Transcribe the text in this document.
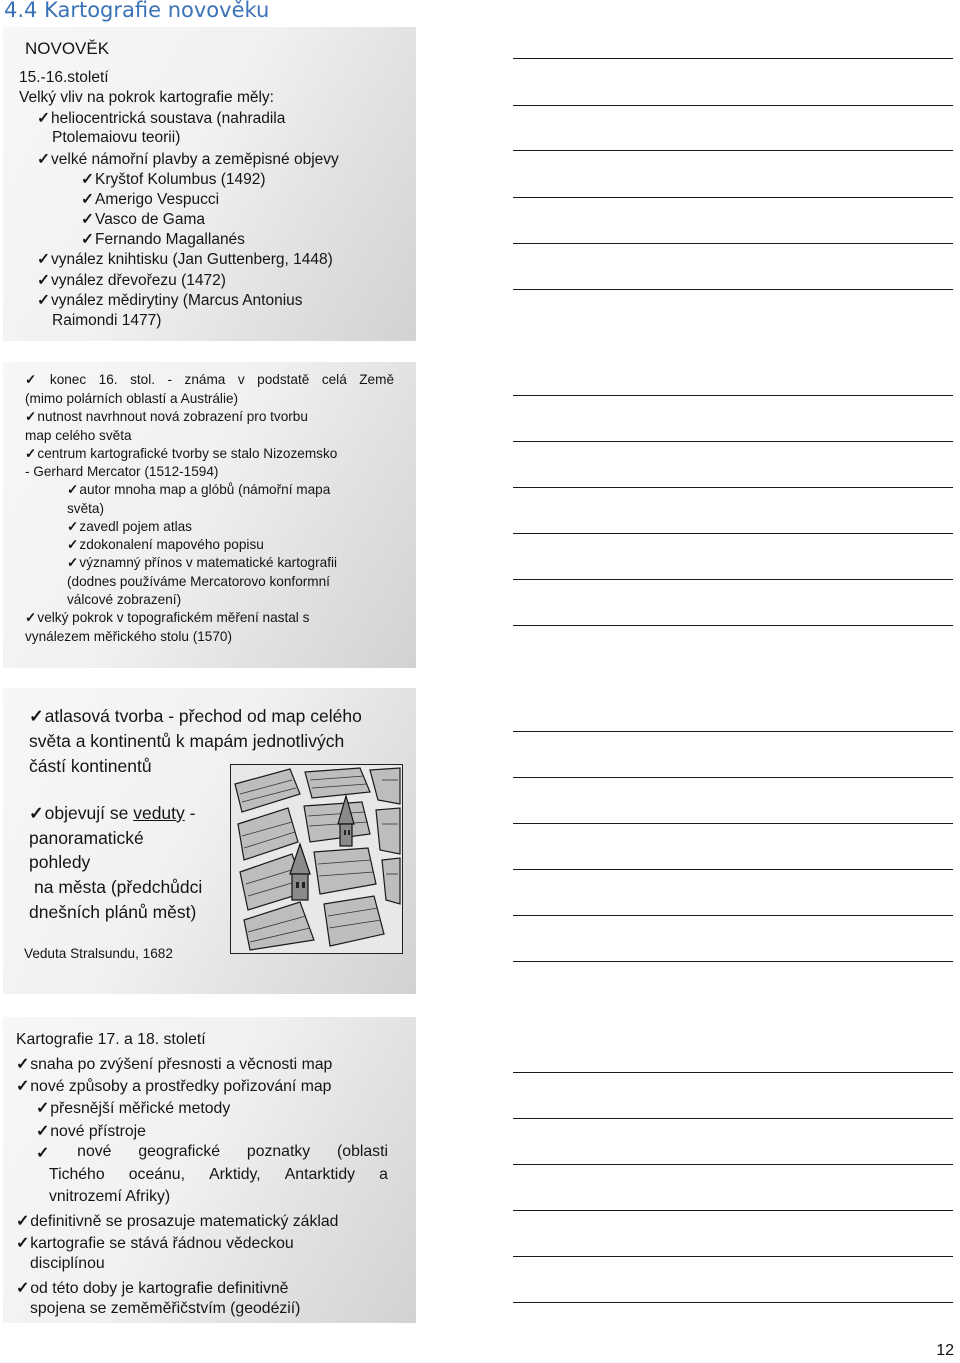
4.4 Kartografie novověku
NOVOVĚK
15.-16.století
Velký vliv na pokrok kartografie měly:
✓ heliocentrická soustava (nahradila
Ptolemaiovu teorii)
✓ velké námořní plavby a zeměpisné objevy
✓ Kryštof Kolumbus (1492)
✓ Amerigo Vespucci
✓ Vasco de Gama
✓ Fernando Magallanés
✓ vynález knihtisku (Jan Guttenberg, 1448)
✓ vynález dřevořezu (1472)
✓ vynález mědirytiny (Marcus Antonius
Raimondi 1477)
✓ konec 16. stol. - známa v podstatě celá Země
(mimo polárních oblastí a Austrálie)
✓ nutnost navrhnout nová zobrazení pro tvorbu
map celého světa
✓ centrum kartografické tvorby se stalo Nizozemsko
- Gerhard Mercator (1512-1594)
✓ autor mnoha map a glóbů (námořní mapa
světa)
✓ zavedl pojem atlas
✓ zdokonalení mapového popisu
✓ významný přínos v matematické kartografii
(dodnes používáme Mercatorovo konformní
válcové zobrazení)
✓ velký pokrok v topografickém měření nastal s
vynálezem měřického stolu (1570)
✓ atlasová tvorba - přechod od map celého
světa a kontinentů k mapám jednotlivých
částí kontinentů
✓ objevují se veduty -
panoramatické
pohledy
na města (předchůdci
dnešních plánů měst)
Veduta Stralsundu, 1682
Kartografie 17. a 18. století
✓ snaha po zvýšení přesnosti a věcnosti map
✓ nové způsoby a prostředky pořizování map
✓ přesnější měřické metody
✓ nové přístroje
✓ nové geografické poznatky (oblasti
Tichého oceánu, Arktidy, Antarktidy a
vnitrozemí Afriky)
✓ definitivně se prosazuje matematický základ
✓ kartografie se stává řádnou vědeckou
disciplínou
✓ od této doby je kartografie definitivně
spojena se zeměměřičstvím (geodézií)
12
